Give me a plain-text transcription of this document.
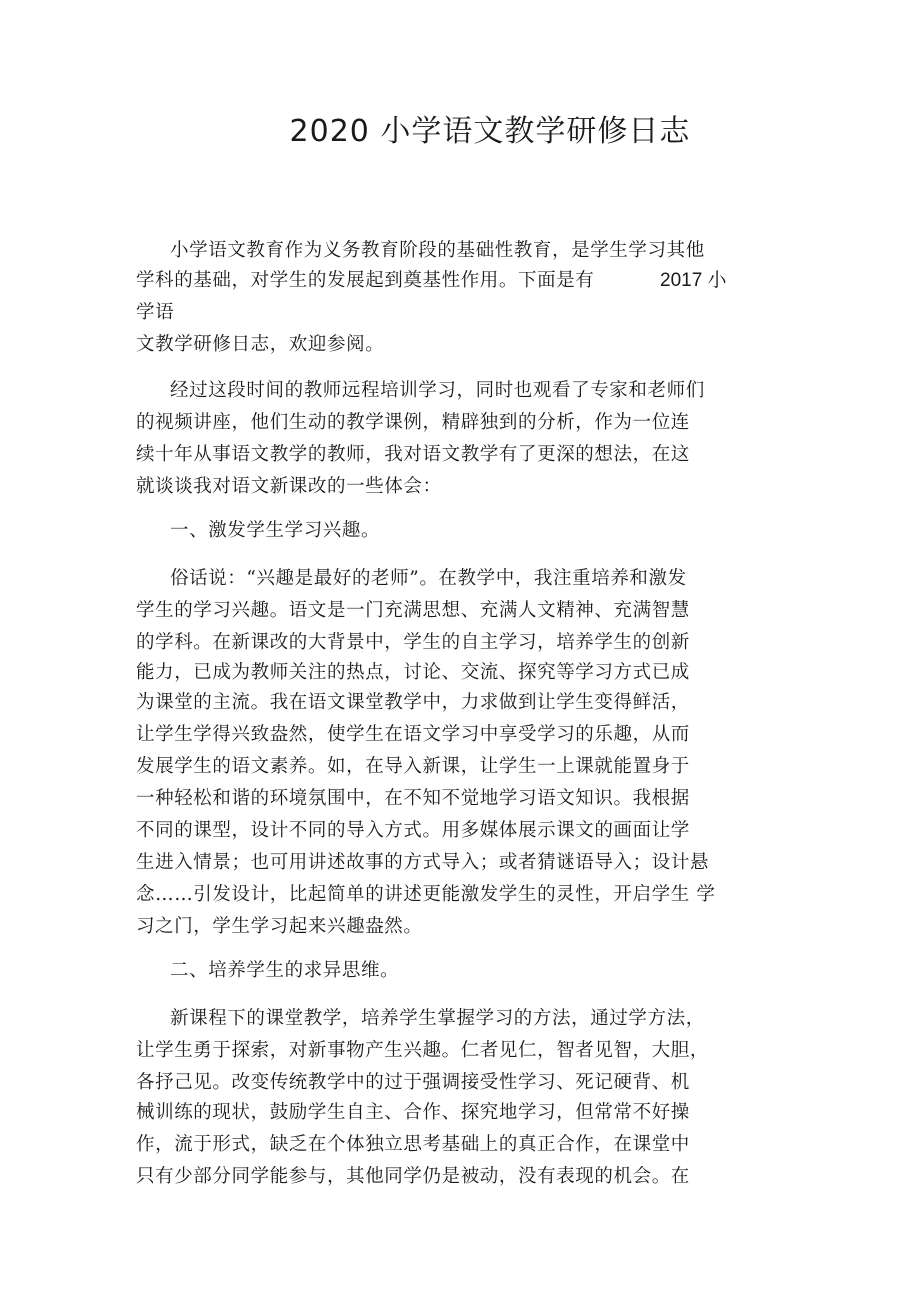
2020 小学语文教学研修日志
小学语文教育作为义务教育阶段的基础性教育，是学生学习其他
学科的基础，对学生的发展起到奠基性作用。下面是有	2017 小
学语
文教学研修日志，欢迎参阅。
经过这段时间的教师远程培训学习，同时也观看了专家和老师们
的视频讲座，他们生动的教学课例，精辟独到的分析，作为一位连
续十年从事语文教学的教师，我对语文教学有了更深的想法，在这
就谈谈我对语文新课改的一些体会：
一、激发学生学习兴趣。
俗话说：“兴趣是最好的老师”。在教学中，我注重培养和激发
学生的学习兴趣。语文是一门充满思想、充满人文精神、充满智慧
的学科。在新课改的大背景中，学生的自主学习，培养学生的创新
能力，已成为教师关注的热点，讨论、交流、探究等学习方式已成
为课堂的主流。我在语文课堂教学中，力求做到让学生变得鲜活，
让学生学得兴致盎然，使学生在语文学习中享受学习的乐趣，从而
发展学生的语文素养。如，在导入新课，让学生一上课就能置身于
一种轻松和谐的环境氛围中，在不知不觉地学习语文知识。我根据
不同的课型，设计不同的导入方式。用多媒体展示课文的画面让学
生进入情景；也可用讲述故事的方式导入；或者猜谜语导入；设计悬
念……引发设计，比起简单的讲述更能激发学生的灵性，开启学生 学
习之门，学生学习起来兴趣盎然。
二、培养学生的求异思维。
新课程下的课堂教学，培养学生掌握学习的方法，通过学方法，
让学生勇于探索，对新事物产生兴趣。仁者见仁，智者见智，大胆，
各抒己见。改变传统教学中的过于强调接受性学习、死记硬背、机
械训练的现状，鼓励学生自主、合作、探究地学习，但常常不好操
作，流于形式，缺乏在个体独立思考基础上的真正合作，在课堂中
只有少部分同学能参与，其他同学仍是被动，没有表现的机会。在
